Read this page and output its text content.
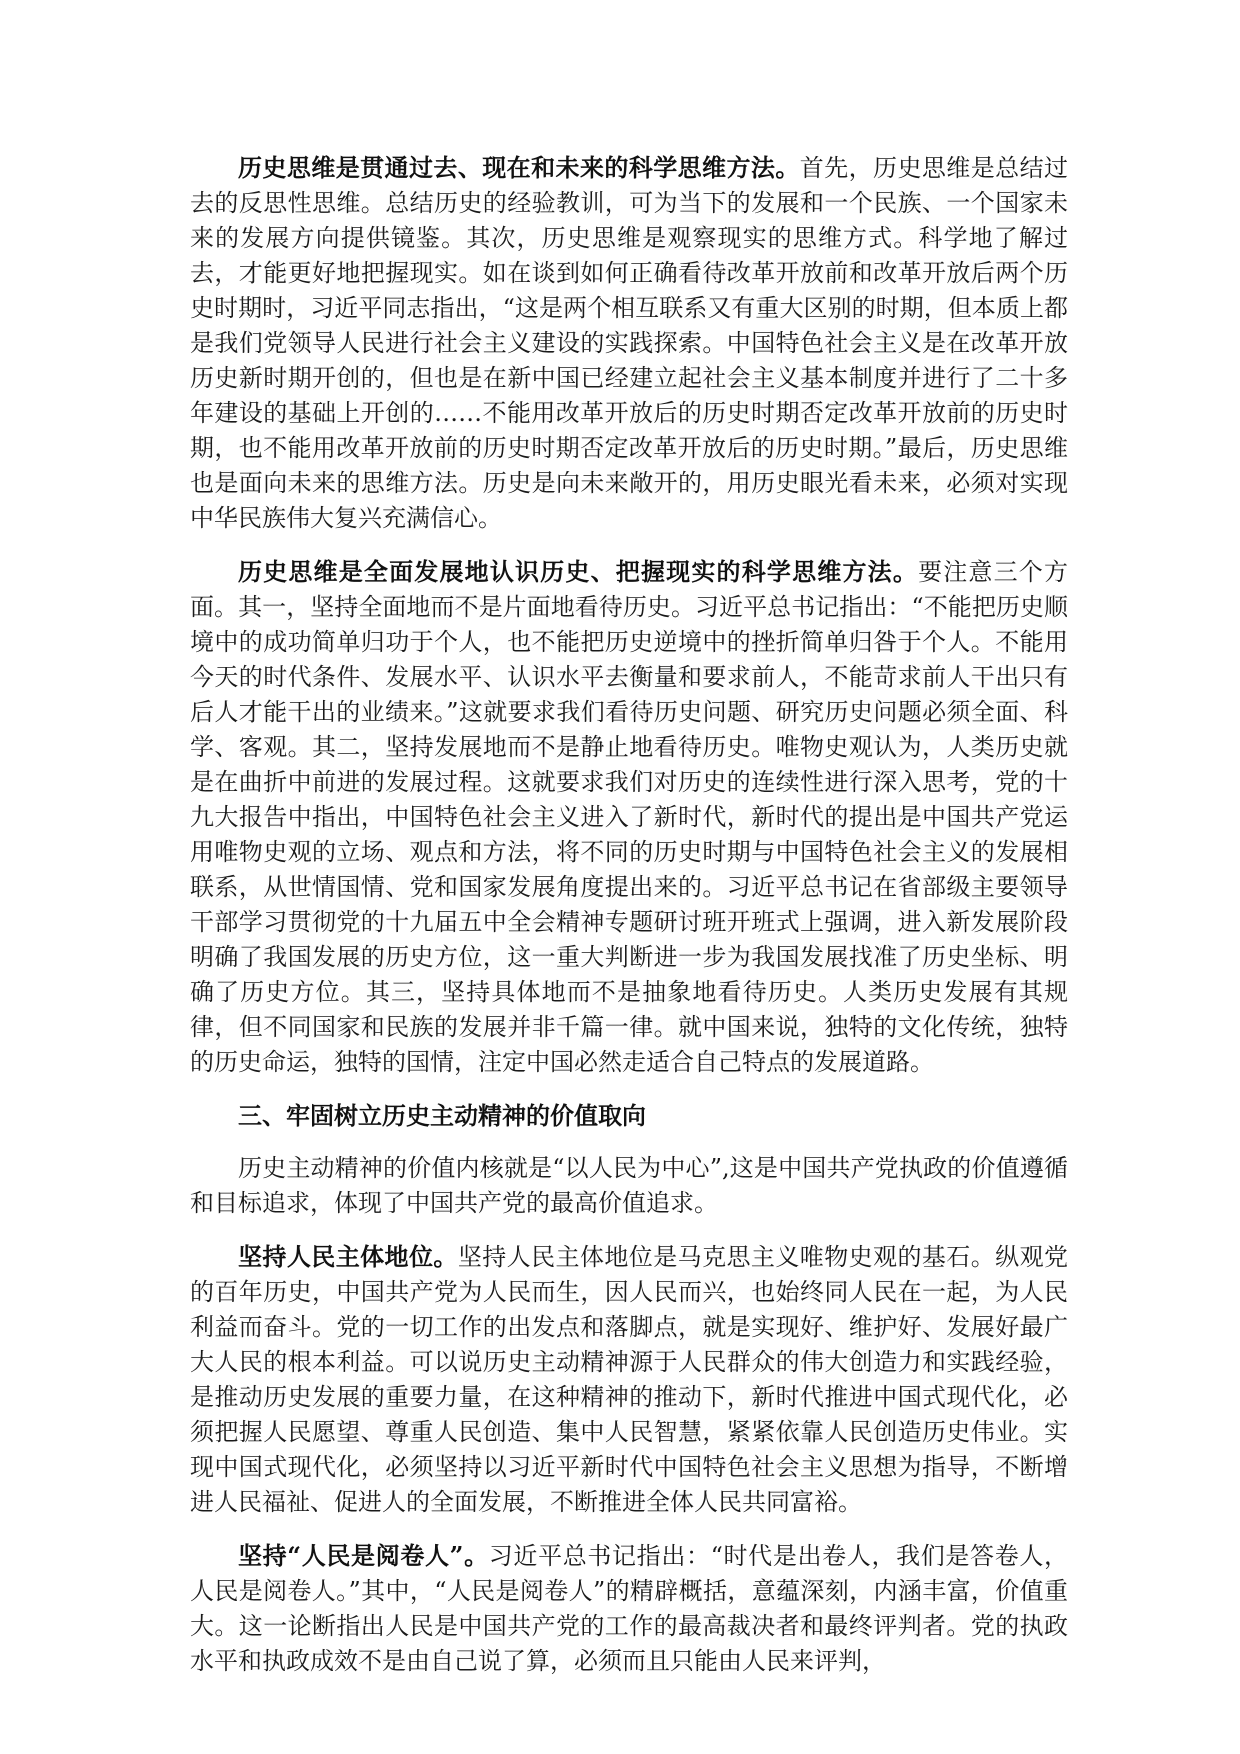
历史思维是贯通过去、现在和未来的科学思维方法。首先，历史思维是总结过去的反思性思维。总结历史的经验教训，可为当下的发展和一个民族、一个国家未来的发展方向提供镜鉴。其次，历史思维是观察现实的思维方式。科学地了解过去，才能更好地把握现实。如在谈到如何正确看待改革开放前和改革开放后两个历史时期时，习近平同志指出，“这是两个相互联系又有重大区别的时期，但本质上都是我们党领导人民进行社会主义建设的实践探索。中国特色社会主义是在改革开放历史新时期开创的，但也是在新中国已经建立起社会主义基本制度并进行了二十多年建设的基础上开创的……不能用改革开放后的历史时期否定改革开放前的历史时期，也不能用改革开放前的历史时期否定改革开放后的历史时期。”最后，历史思维也是面向未来的思维方法。历史是向未来敞开的，用历史眼光看未来，必须对实现中华民族伟大复兴充满信心。

历史思维是全面发展地认识历史、把握现实的科学思维方法。要注意三个方面。其一，坚持全面地而不是片面地看待历史。习近平总书记指出：“不能把历史顺境中的成功简单归功于个人，也不能把历史逆境中的挫折简单归咎于个人。不能用今天的时代条件、发展水平、认识水平去衡量和要求前人，不能苛求前人干出只有后人才能干出的业绩来。”这就要求我们看待历史问题、研究历史问题必须全面、科学、客观。其二，坚持发展地而不是静止地看待历史。唯物史观认为，人类历史就是在曲折中前进的发展过程。这就要求我们对历史的连续性进行深入思考，党的十九大报告中指出，中国特色社会主义进入了新时代，新时代的提出是中国共产党运用唯物史观的立场、观点和方法，将不同的历史时期与中国特色社会主义的发展相联系，从世情国情、党和国家发展角度提出来的。习近平总书记在省部级主要领导干部学习贯彻党的十九届五中全会精神专题研讨班开班式上强调，进入新发展阶段明确了我国发展的历史方位，这一重大判断进一步为我国发展找准了历史坐标、明确了历史方位。其三，坚持具体地而不是抽象地看待历史。人类历史发展有其规律，但不同国家和民族的发展并非千篇一律。就中国来说，独特的文化传统，独特的历史命运，独特的国情，注定中国必然走适合自己特点的发展道路。

三、牢固树立历史主动精神的价值取向

历史主动精神的价值内核就是“以人民为中心”,这是中国共产党执政的价值遵循和目标追求，体现了中国共产党的最高价值追求。

坚持人民主体地位。坚持人民主体地位是马克思主义唯物史观的基石。纵观党的百年历史，中国共产党为人民而生，因人民而兴，也始终同人民在一起，为人民利益而奋斗。党的一切工作的出发点和落脚点，就是实现好、维护好、发展好最广大人民的根本利益。可以说历史主动精神源于人民群众的伟大创造力和实践经验，是推动历史发展的重要力量，在这种精神的推动下，新时代推进中国式现代化，必须把握人民愿望、尊重人民创造、集中人民智慧，紧紧依靠人民创造历史伟业。实现中国式现代化，必须坚持以习近平新时代中国特色社会主义思想为指导，不断增进人民福祉、促进人的全面发展，不断推进全体人民共同富裕。

坚持“人民是阅卷人”。习近平总书记指出：“时代是出卷人，我们是答卷人，人民是阅卷人。”其中，“人民是阅卷人”的精辟概括，意蕴深刻，内涵丰富，价值重大。这一论断指出人民是中国共产党的工作的最高裁决者和最终评判者。党的执政水平和执政成效不是由自己说了算，必须而且只能由人民来评判，
